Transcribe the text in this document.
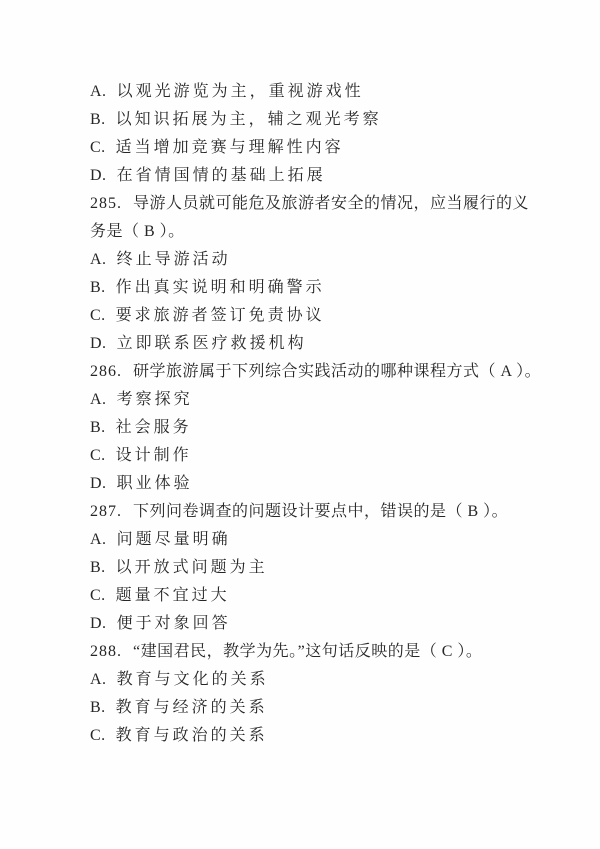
A. 以观光游览为主，重视游戏性
B. 以知识拓展为主，辅之观光考察
C. 适当增加竞赛与理解性内容
D. 在省情国情的基础上拓展
285. 导游人员就可能危及旅游者安全的情况，应当履行的义
务是（ B ）。
A. 终止导游活动
B. 作出真实说明和明确警示
C. 要求旅游者签订免责协议
D. 立即联系医疗救援机构
286. 研学旅游属于下列综合实践活动的哪种课程方式（ A ）。
A. 考察探究
B. 社会服务
C. 设计制作
D. 职业体验
287. 下列问卷调查的问题设计要点中，错误的是（ B ）。
A. 问题尽量明确
B. 以开放式问题为主
C. 题量不宜过大
D. 便于对象回答
288. “建国君民，教学为先。”这句话反映的是（ C ）。
A. 教育与文化的关系
B. 教育与经济的关系
C. 教育与政治的关系
